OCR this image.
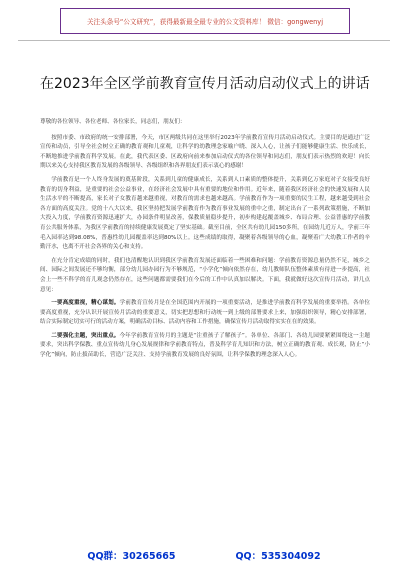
关注头条号“公文研究”，获得最新最全最专业的公文资料库！ 微信：gongwenyj
在2023年全区学前教育宣传月活动启动仪式上的讲话

尊敬的各位领导、各位老师、各位家长，同志们，朋友们：

按照市委、市政府的统一安排部署，今天，市区两级共同在这里举行2023年学前教育宣传月活动启动仪式。主要目的是通过广泛宣传和动员，引导全社会树立正确的教育观和儿童观，让科学的幼教理念家喻户晓、深入人心，让孩子们能够健康生活、快乐成长，不断地推进学前教育科学发展。在此，我代表区委、区政府向前来参加启动仪式的各位领导和同志们，朋友们表示热烈的欢迎！向长期以来关心支持我区教育发展的各级领导、各级组织和各界朋友们表示衷心的感谢！

学前教育是一个人终身发展的奠基阶段，关系到儿童的健康成长，关系到人口素质的整体提升，关系到亿万家庭对子女接受良好教育的切身利益，是重要的社会公益事业，在经济社会发展中具有重要的地位和作用。近年来，随着我区经济社会的快速发展和人民生活水平的不断提高，家长对子女教育越来越重视，对教育的需求也越来越高。学前教育作为一项重要的民生工程，越来越受到社会各方面的高度关注。党的十八大以来，我区坚持把发展学前教育作为教育事业发展的重中之重，制定出台了一系列政策措施，不断加大投入力度，学前教育资源迅速扩大，办园条件明显改善，保教质量稳步提升，初步构建起覆盖城乡、布局合理、公益普惠的学前教育公共服务体系，为我区学前教育的持续健康发展奠定了坚实基础。截至目前，全区共有幼儿园150多所，在园幼儿近万人，学前三年毛入园率达到98.08%，普惠性幼儿园覆盖率达到80%以上。这些成绩的取得，凝聚着各级领导的心血，凝聚着广大幼教工作者的辛勤汗水，也离不开社会各界的关心和支持。

在充分肯定成绩的同时，我们也清醒地认识到我区学前教育发展还面临着一些困难和问题：学前教育资源总量仍然不足，城乡之间、园际之间发展还不够均衡，部分幼儿园办园行为不够规范，“小学化”倾向依然存在，幼儿教师队伍整体素质有待进一步提高，社会上一些不科学的育儿观念仍然存在，这些问题都需要我们在今后的工作中认真加以解决。下面，我就做好这次宣传月活动，讲几点意见：

一要高度重视，精心谋划。学前教育宣传月是在全国范围内开展的一项重要活动，是推进学前教育科学发展的重要举措。各单位要高度重视，充分认识开展宣传月活动的重要意义，切实把思想和行动统一到上级的部署要求上来，加强组织领导，精心安排部署，结合实际制定切实可行的活动方案，明确活动目标、活动内容和工作措施，确保宣传月活动取得实实在在的效果。

二要强化主题，突出重点。今年学前教育宣传月的主题是“注重孩子了解孩子”。各单位、各部门、各幼儿园要紧紧围绕这一主题要求，突出科学保教、重点宣传幼儿身心发展规律和学前教育特点，普及科学育儿知识和方法，树立正确的教育观、成长观，防止“小学化”倾向，防止拔苗助长，营造广泛关注、支持学前教育发展的良好氛围，让科学保教的理念深入人心。

QQ群：30265665	QQ：535304092
